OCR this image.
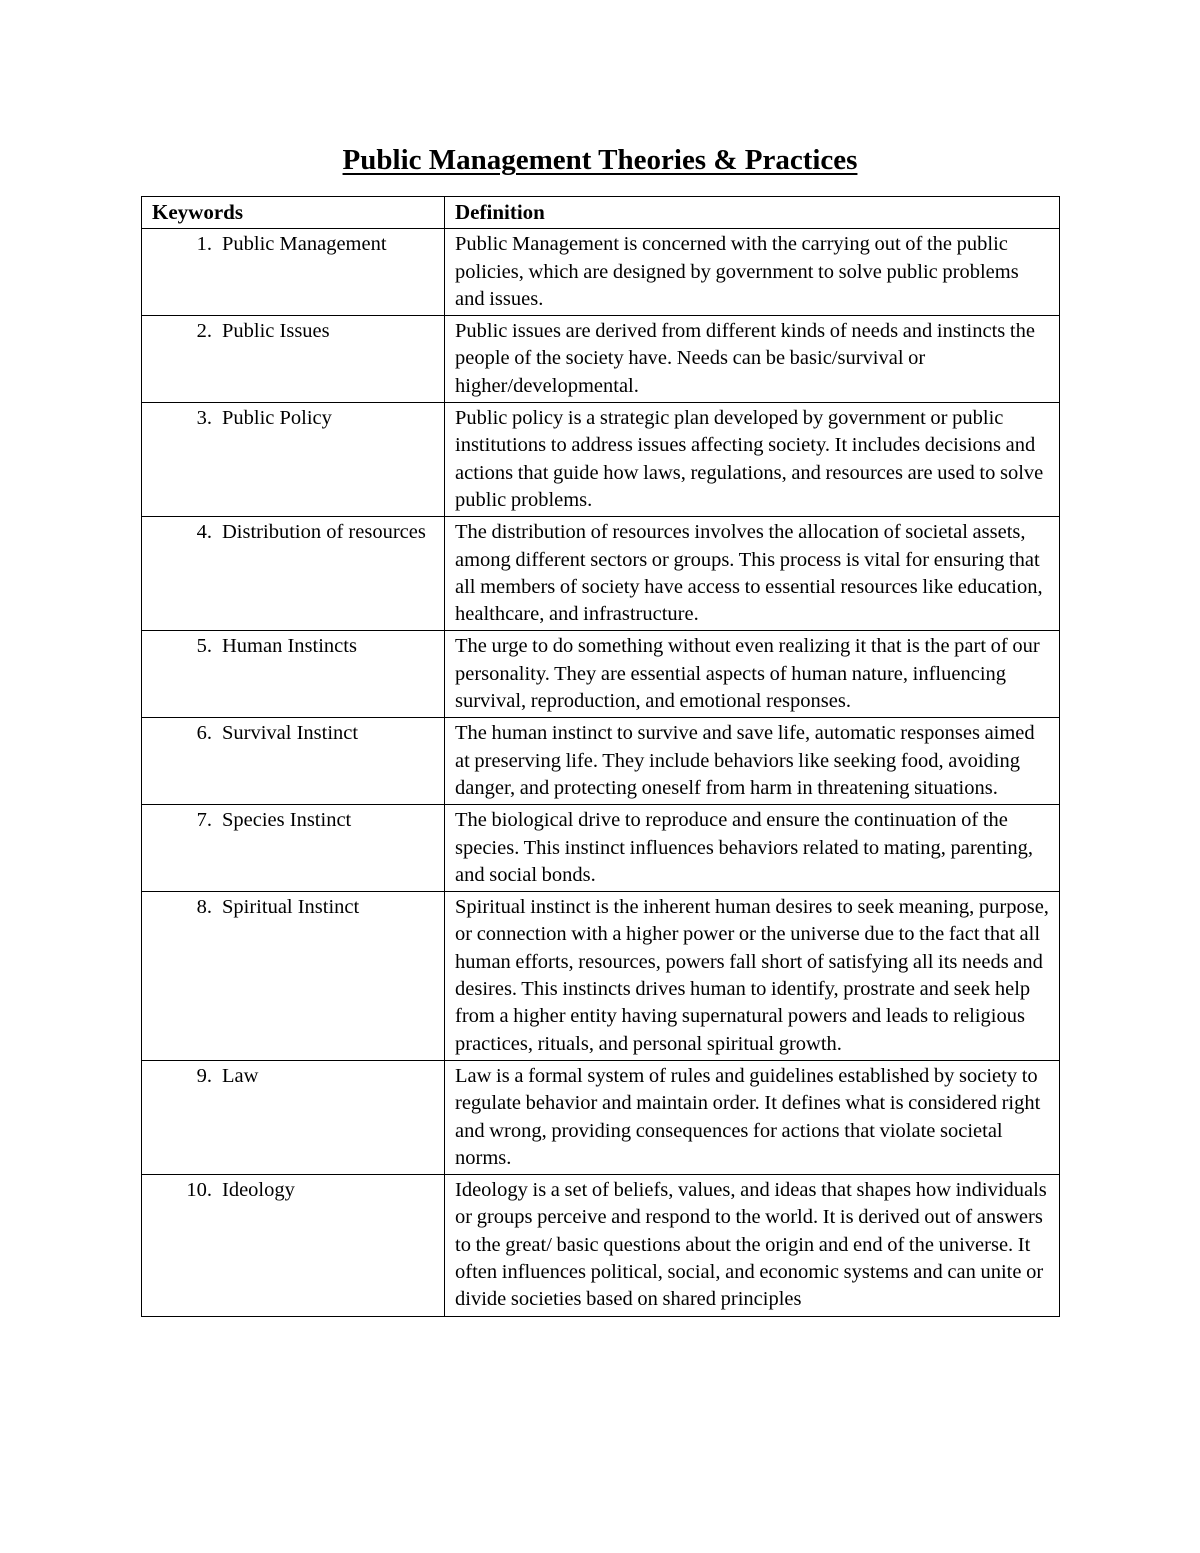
Public Management Theories & Practices
Keywords	Definition

1. Public Management	Public Management is concerned with the carrying out of the public policies, which are designed by government to solve public problems and issues.

2. Public Issues	Public issues are derived from different kinds of needs and instincts the people of the society have. Needs can be basic/survival or higher/developmental.

3. Public Policy	Public policy is a strategic plan developed by government or public institutions to address issues affecting society. It includes decisions and actions that guide how laws, regulations, and resources are used to solve public problems.

4. Distribution of resources	The distribution of resources involves the allocation of societal assets, among different sectors or groups. This process is vital for ensuring that all members of society have access to essential resources like education, healthcare, and infrastructure.

5. Human Instincts	The urge to do something without even realizing it that is the part of our personality. They are essential aspects of human nature, influencing survival, reproduction, and emotional responses.

6. Survival Instinct	The human instinct to survive and save life, automatic responses aimed at preserving life. They include behaviors like seeking food, avoiding danger, and protecting oneself from harm in threatening situations.

7. Species Instinct	The biological drive to reproduce and ensure the continuation of the species. This instinct influences behaviors related to mating, parenting, and social bonds.

8. Spiritual Instinct	Spiritual instinct is the inherent human desires to seek meaning, purpose, or connection with a higher power or the universe due to the fact that all human efforts, resources, powers fall short of satisfying all its needs and desires. This instincts drives human to identify, prostrate and seek help from a higher entity having supernatural powers and leads to religious practices, rituals, and personal spiritual growth.

9. Law	Law is a formal system of rules and guidelines established by society to regulate behavior and maintain order. It defines what is considered right and wrong, providing consequences for actions that violate societal norms.

10. Ideology	Ideology is a set of beliefs, values, and ideas that shapes how individuals or groups perceive and respond to the world. It is derived out of answers to the great/ basic questions about the origin and end of the universe. It often influences political, social, and economic systems and can unite or divide societies based on shared principles
